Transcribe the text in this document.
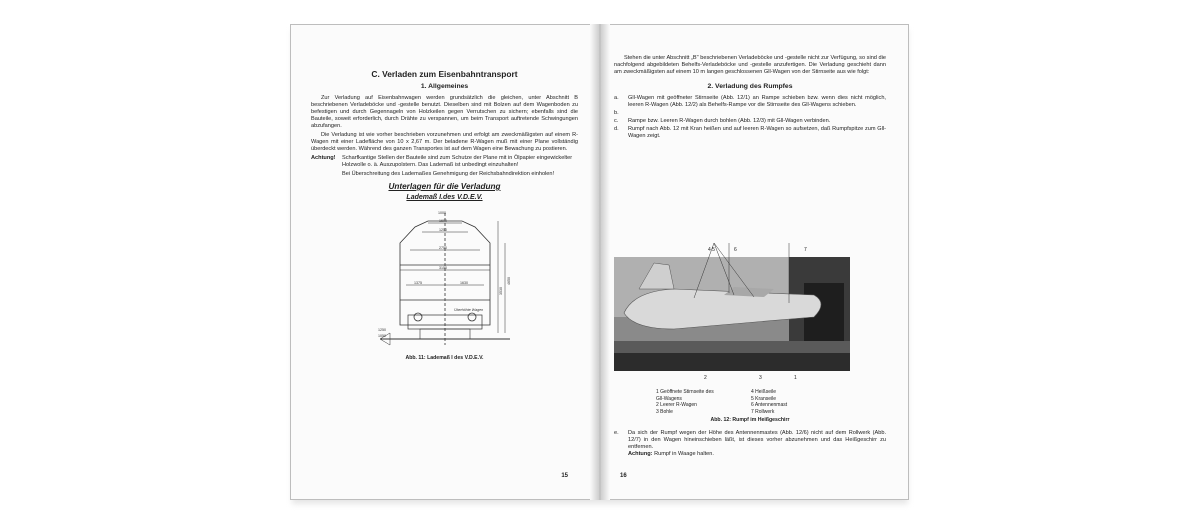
C. Verladen zum Eisenbahntransport
1. Allgemeines

Zur Verladung auf Eisenbahnwagen werden grundsätzlich die gleichen, unter Abschnitt B beschriebenen Verladeböcke und -gestelle benutzt. Dieselben sind mit Bolzen auf dem Wagenboden zu befestigen und durch Gegennageln von Holzkeilen gegen Verrutschen zu sichern; ebenfalls sind die Bauteile, soweit erforderlich, durch Drähte zu verspannen, um beim Transport auftretende Schwingungen abzufangen.

Die Verladung ist wie vorher beschrieben vorzunehmen und erfolgt am zweckmäßigsten auf einem R-Wagen mit einer Ladefläche von 10 x 2,67 m. Der beladene R-Wagen muß mit einer Plane vollständig überdeckt werden. Während des ganzen Transportes ist auf dem Wagen eine Bewachung zu postieren.

Achtung!	Scharfkantige Stellen der Bauteile sind zum Schutze der Plane mit in Ölpapier eingewickelter Holzwolle o. ä. Auszupolstern. Das Lademaß ist unbedingt einzuhalten!
Bei Überschreitung des Lademaßes Genehmigung der Reichsbahndirektion einholen!
Unterlagen für die Verladung
Lademaß I.des V.D.E.V.
1000
1600
1250
2750
3150
1375	1630	4650
3530
1250
1050
Überhöhte Wagen
Abb. 11: Lademaß I des V.D.E.V.
15

Stehen die unter Abschnitt „B" beschriebenen Verladeböcke und -gestelle nicht zur Verfügung, so sind die nachfolgend abgebildeten Behelfs-Verladeböcke und -gestelle anzufertigen. Die Verladung geschieht dann am zweckmäßigsten auf einem 10 m langen geschlossenen Gll-Wagen von der Stirnseite aus wie folgt:

2. Verladung des Rumpfes
a.	Gll-Wagen mit geöffneter Stirnseite (Abb. 12/1) an Rampe schieben bzw. wenn dies nicht möglich, leeren R-Wagen (Abb. 12/2) als Behelfs-Rampe vor die Stirnseite des Gll-Wagens schieben.
b.
c.	Rampe bzw. Leeren R-Wagen durch bohlen (Abb. 12/3) mit Gll-Wagen verbinden.
d.	Rumpf nach Abb. 12 mit Kran heißen und auf leeren R-Wagen so aufsetzen, daß Rumpfspitze zum Gll-Wagen zeigt.
4 5	6	7
2	3	1
1 Geöffnete Stirnseite des	4 Heißseile
Gll-Wagens	5 Kranseile
2 Leerer R-Wagen	6 Antennenmast
3 Bohle	7 Rollwerk
Abb. 12: Rumpf im Heißgeschirr
e.	Da sich der Rumpf wegen der Höhe des Antennenmastes (Abb. 12/6) nicht auf dem Rollwerk (Abb. 12/7) in den Wagen hineinschieben läßt, ist dieses vorher abzunehmen und das Heißgeschirr zu entfernen.
Achtung: Rumpf in Waage halten.
16
